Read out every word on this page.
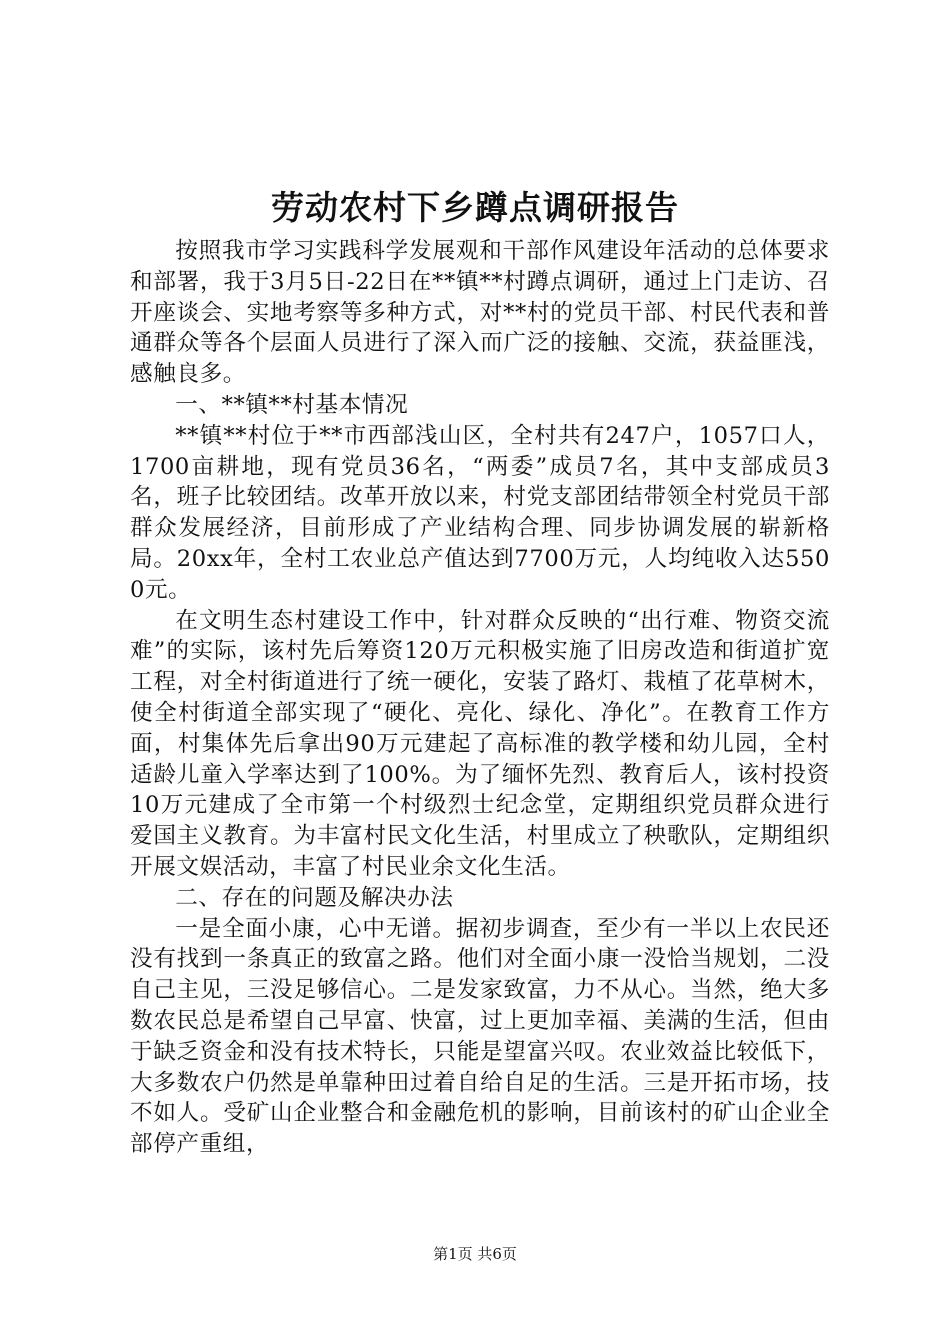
劳动农村下乡蹲点调研报告

按照我市学习实践科学发展观和干部作风建设年活动的总体要求和部署，我于3月5日-22日在**镇**村蹲点调研，通过上门走访、召开座谈会、实地考察等多种方式，对**村的党员干部、村民代表和普通群众等各个层面人员进行了深入而广泛的接触、交流，获益匪浅，感触良多。

一、**镇**村基本情况

**镇**村位于**市西部浅山区，全村共有247户，1057口人，1700亩耕地，现有党员36名，“两委”成员7名，其中支部成员3名，班子比较团结。改革开放以来，村党支部团结带领全村党员干部群众发展经济，目前形成了产业结构合理、同步协调发展的崭新格局。20xx年，全村工农业总产值达到7700万元，人均纯收入达5500元。

在文明生态村建设工作中，针对群众反映的“出行难、物资交流难”的实际，该村先后筹资120万元积极实施了旧房改造和街道扩宽工程，对全村街道进行了统一硬化，安装了路灯、栽植了花草树木，使全村街道全部实现了“硬化、亮化、绿化、净化”。在教育工作方面，村集体先后拿出90万元建起了高标准的教学楼和幼儿园，全村适龄儿童入学率达到了100%。为了缅怀先烈、教育后人，该村投资10万元建成了全市第一个村级烈士纪念堂，定期组织党员群众进行爱国主义教育。为丰富村民文化生活，村里成立了秧歌队，定期组织开展文娱活动，丰富了村民业余文化生活。

二、存在的问题及解决办法

一是全面小康，心中无谱。据初步调查，至少有一半以上农民还没有找到一条真正的致富之路。他们对全面小康一没恰当规划，二没自己主见，三没足够信心。二是发家致富，力不从心。当然，绝大多数农民总是希望自己早富、快富，过上更加幸福、美满的生活，但由于缺乏资金和没有技术特长，只能是望富兴叹。农业效益比较低下，大多数农户仍然是单靠种田过着自给自足的生活。三是开拓市场，技不如人。受矿山企业整合和金融危机的影响，目前该村的矿山企业全部停产重组，

第1页 共6页
